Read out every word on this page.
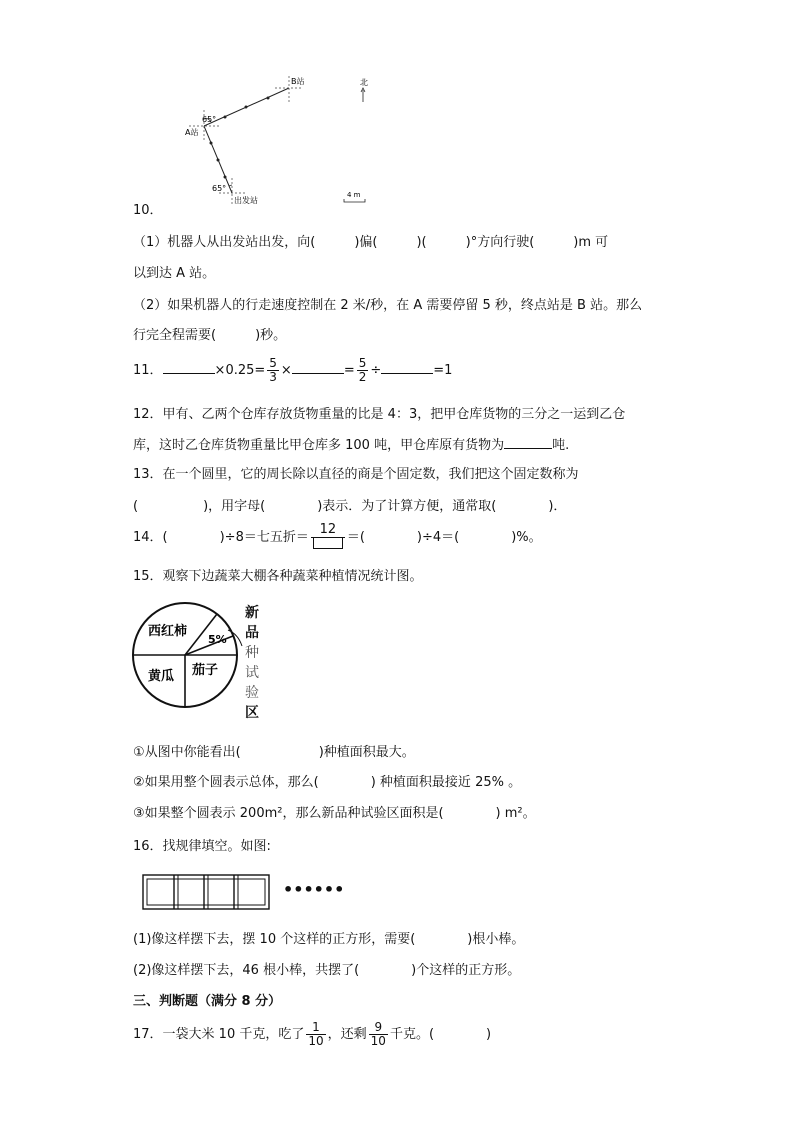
B站
65°
A站
65°
出发站
北
4 m
10．
（1）机器人从出发站出发，向(　　　)偏(　　　)(　　　)°方向行驶(　　　)m 可
以到达 A 站。
（2）如果机器人的行走速度控制在 2 米/秒，在 A 需要停留 5 秒，终点站是 B 站。那么
行完全程需要(　　　)秒。
11．	$\times 0.25= \frac{5}{3}$ ×	= $\frac{5}{2}$ ÷	=1
12．甲有、乙两个仓库存放货物重量的比是 4：3，把甲仓库货物的三分之一运到乙仓
库，这时乙仓库货物重量比甲仓库多 100 吨，甲仓库原有货物为	吨.
13．在一个圆里，它的周长除以直径的商是个固定数，我们把这个固定数称为
(　　　　　)，用字母(　　　　)表示．为了计算方便，通常取(　　　　)．
14．(　　　　)÷8＝七五折＝
12
＝(　　　　)÷4＝(　　　　)%。
15．观察下边蔬菜大棚各种蔬菜种植情况统计图。
西红柿
5%
黄瓜 茄子
新
品
种
试
验
区
①从图中你能看出(　　　　　　)种植面积最大。
②如果用整个圆表示总体，那么(　　　　) 种植面积最接近 25% 。
③如果整个圆表示 200m²，那么新品种试验区面积是(　　　　) m²。
16．找规律填空。如图:
••••••
(1)像这样摆下去，摆 10 个这样的正方形，需要(　　　　)根小棒。
(2)像这样摆下去，46 根小棒，共摆了(　　　　)个这样的正方形。
三、判断题（满分 8 分）
17．一袋大米 10 千克，吃了 $\frac{1}{10}$ ，还剩 $\frac{9}{10}$ 千克。(　　　　)
